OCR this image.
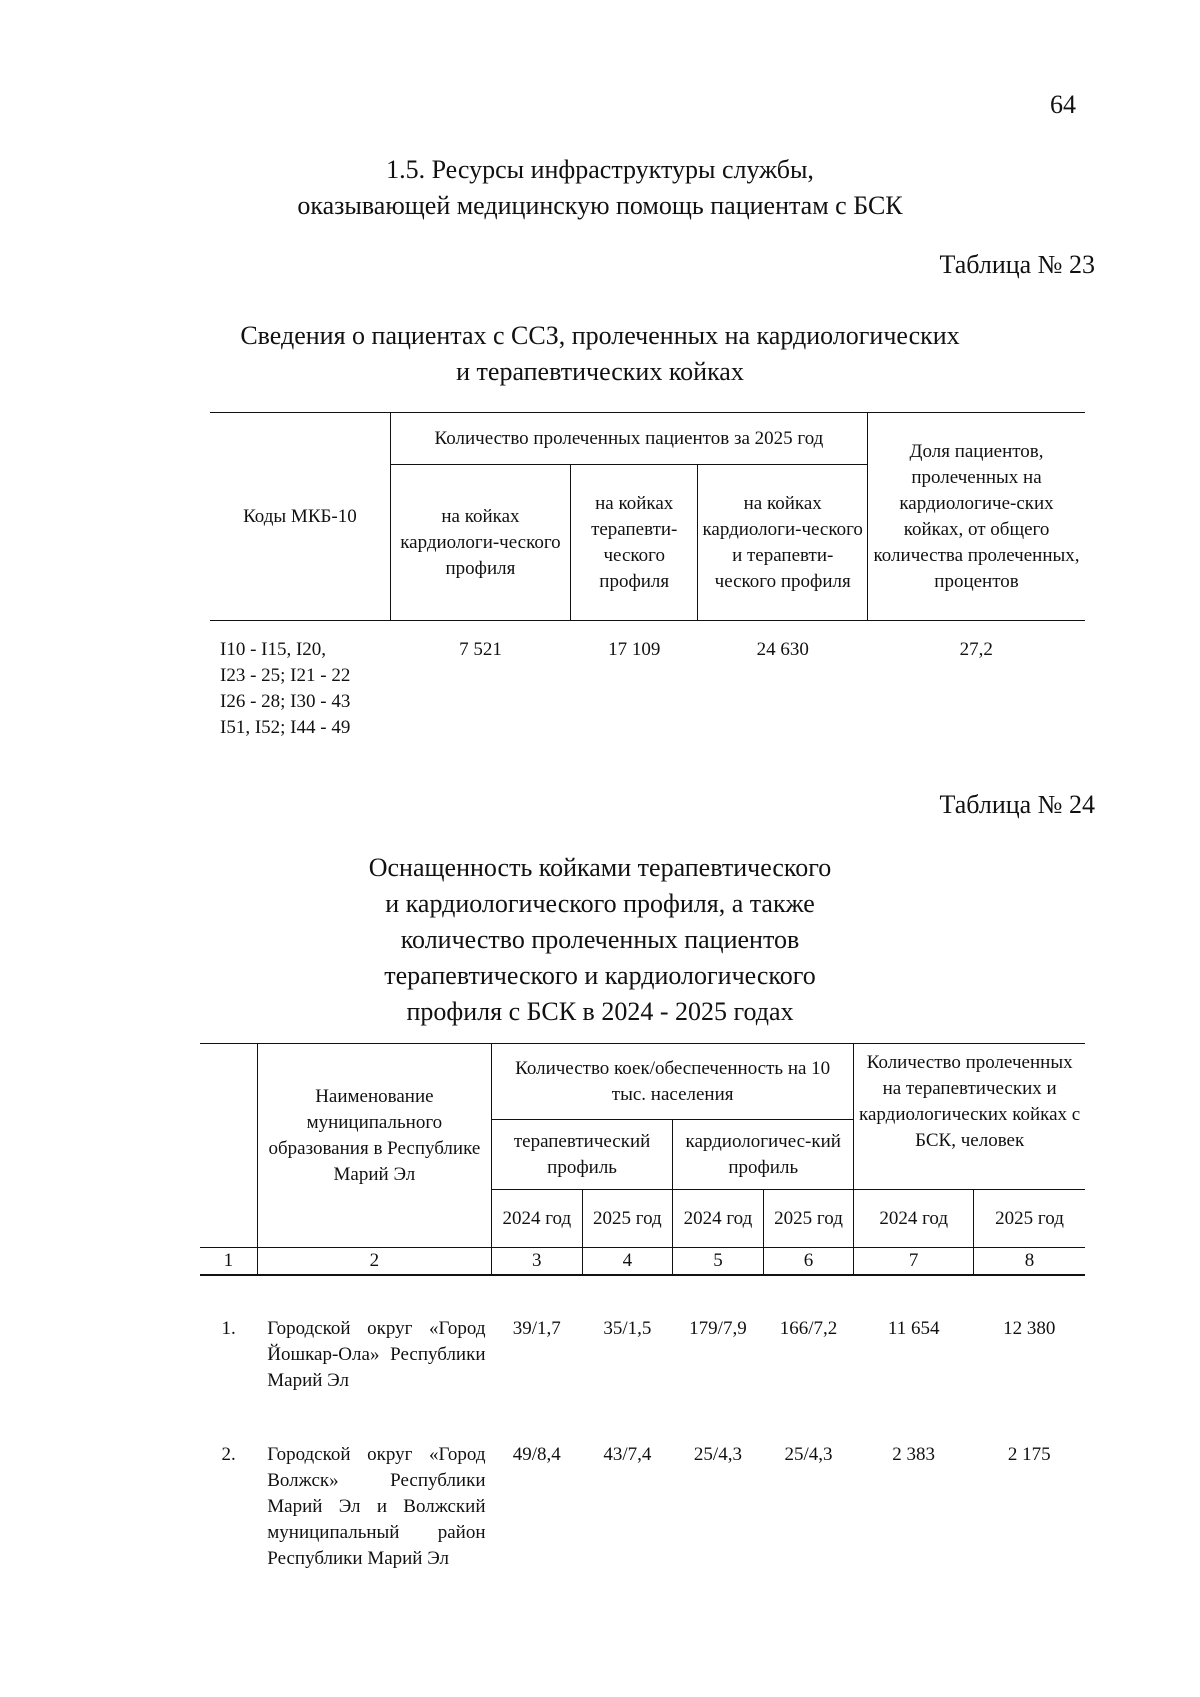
64
1.5. Ресурсы инфраструктуры службы,
оказывающей медицинскую помощь пациентам с БСК
Таблица № 23
Сведения о пациентах с ССЗ, пролеченных на кардиологических
и терапевтических койках
Коды МКБ-10	Количество пролеченных пациентов за 2025 год			Доля пациентов, пролеченных на кардиологиче-ских койках, от общего количества пролеченных, процентов
	на койках кардиологи-ческого профиля	на койках терапевти-ческого профиля	на койках кардиологи-ческого и терапевти-ческого профиля	

I10 - I15, I20,
I23 - 25; I21 - 22
I26 - 28; I30 - 43
I51, I52; I44 - 49	7 521	17 109	24 630	27,2
Таблица № 24
Оснащенность койками терапевтического
и кардиологического профиля, а также
количество пролеченных пациентов
терапевтического и кардиологического
профиля с БСК в 2024 - 2025 годах
	Наименование муниципального образования в Республике Марий Эл	Количество коек/обеспеченность на 10 тыс. населения				Количество пролеченных на терапевтических и кардиологических койках с БСК, человек	
		терапевтический профиль		кардиологичес-кий профиль			
		2024 год	2025 год	2024 год	2025 год	2024 год	2025 год
1	2	3	4	5	6	7	8
1.	Городской округ «Город Йошкар-Ола» Республики Марий Эл	39/1,7	35/1,5	179/7,9	166/7,2	11 654	12 380
2.	Городской округ «Город Волжск» Республики Марий Эл и Волжский муниципальный район Республики Марий Эл	49/8,4	43/7,4	25/4,3	25/4,3	2 383	2 175
